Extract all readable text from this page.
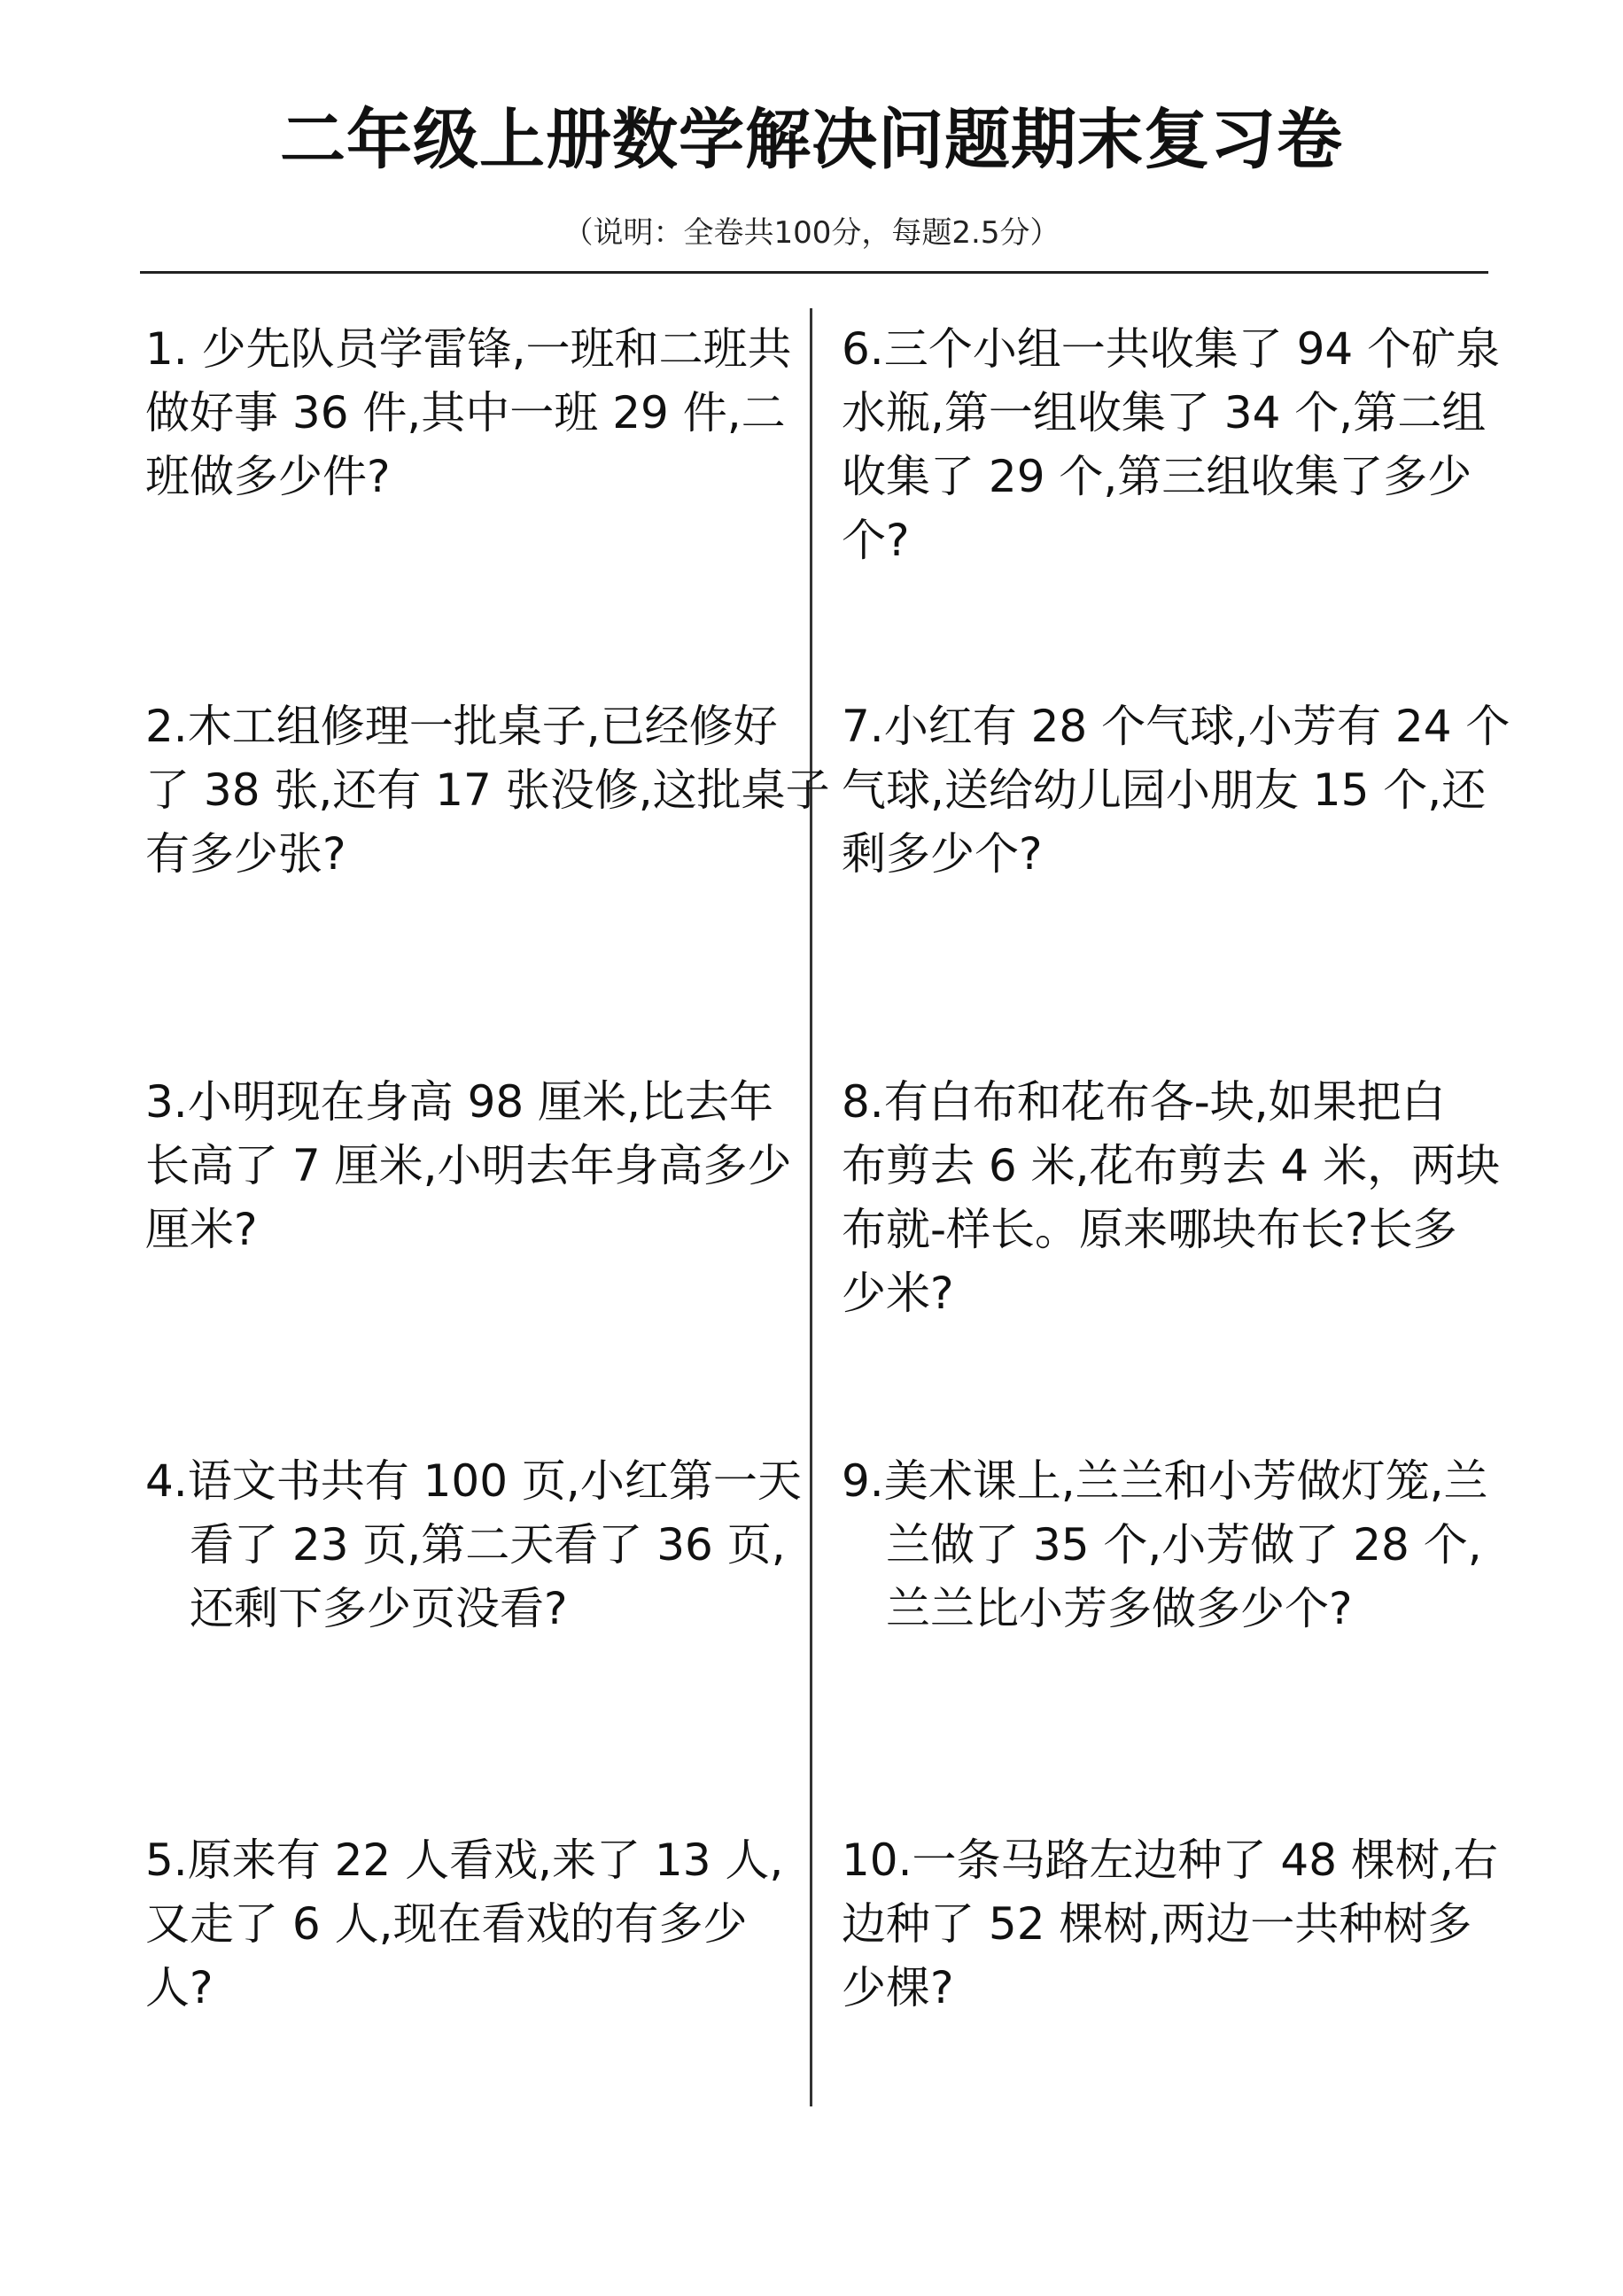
二年级上册数学解决问题期末复习卷
（说明：全卷共100分，每题2.5分）
1. 少先队员学雷锋,一班和二班共
做好事 36 件,其中一班 29 件,二
班做多少件?
2.木工组修理一批桌子,已经修好
了 38 张,还有 17 张没修,这批桌子
有多少张?
3.小明现在身高 98 厘米,比去年
长高了 7 厘米,小明去年身高多少
厘米?
4.语文书共有 100 页,小红第一天
看了 23 页,第二天看了 36 页,
还剩下多少页没看?
5.原来有 22 人看戏,来了 13 人,
又走了 6 人,现在看戏的有多少
人?
6.三个小组一共收集了 94 个矿泉
水瓶,第一组收集了 34 个,第二组
收集了 29 个,第三组收集了多少
个?
7.小红有 28 个气球,小芳有 24 个
气球,送给幼儿园小朋友 15 个,还
剩多少个?
8.有白布和花布各-块,如果把白
布剪去 6 米,花布剪去 4 米，两块
布就-样长。原来哪块布长?长多
少米?
9.美术课上,兰兰和小芳做灯笼,兰
兰做了 35 个,小芳做了 28 个,
兰兰比小芳多做多少个?
10.一条马路左边种了 48 棵树,右
边种了 52 棵树,两边一共种树多
少棵?
